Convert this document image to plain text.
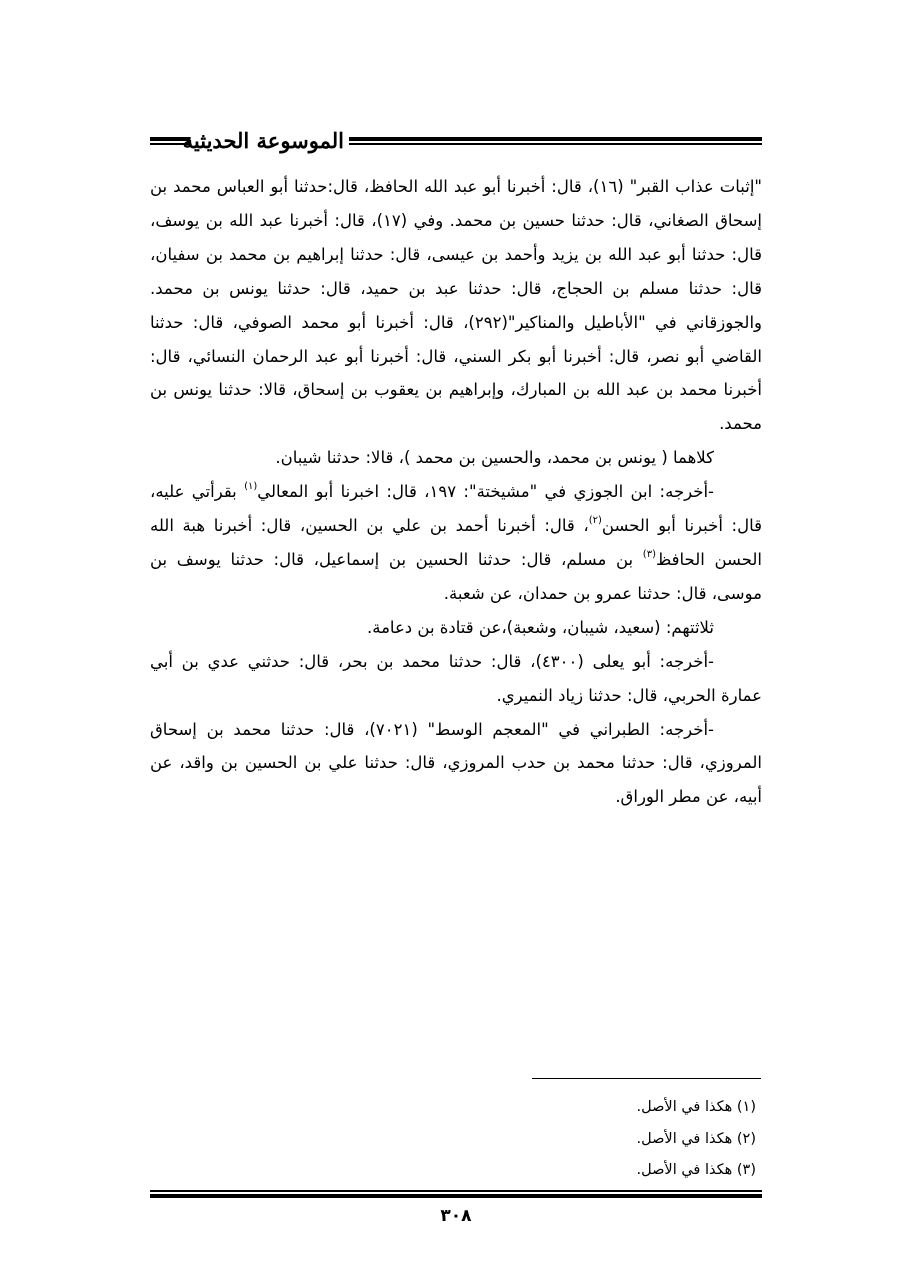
الموسوعة الحديثية

"إثبات عذاب القبر" (١٦)، قال: أخبرنا أبو عبد الله الحافظ، قال:حدثنا أبو العباس محمد بن إسحاق الصغاني، قال: حدثنا حسين بن محمد. وفي (١٧)، قال: أخبرنا عبد الله بن يوسف، قال: حدثنا أبو عبد الله بن يزيد وأحمد بن عيسى، قال: حدثنا إبراهيم بن محمد بن سفيان، قال: حدثنا مسلم بن الحجاج، قال: حدثنا عبد بن حميد، قال: حدثنا يونس بن محمد. والجوزقاني في "الأباطيل والمناكير"(٢٩٢)، قال: أخبرنا أبو محمد الصوفي، قال: حدثنا القاضي أبو نصر، قال: أخبرنا أبو بكر السني، قال: أخبرنا أبو عبد الرحمان النسائي، قال: أخبرنا محمد بن عبد الله بن المبارك، وإبراهيم بن يعقوب بن إسحاق، قالا: حدثنا يونس بن محمد.

كلاهما ( يونس بن محمد، والحسين بن محمد )، قالا: حدثنا شيبان.

-أخرجه: ابن الجوزي في "مشيختة": ١٩٧، قال: اخبرنا أبو المعالي$^{(١)}$ بقرأتي عليه، قال: أخبرنا أبو الحسن$^{(٢)}$، قال: أخبرنا أحمد بن علي بن الحسين، قال: أخبرنا هبة الله الحسن الحافظ$^{(٣)}$ بن مسلم، قال: حدثنا الحسين بن إسماعيل، قال: حدثنا يوسف بن موسى، قال: حدثنا عمرو بن حمدان، عن شعبة.

ثلاثتهم: (سعيد، شيبان، وشعبة)،عن قتادة بن دعامة.

-أخرجه: أبو يعلى (٤٣٠٠)، قال: حدثنا محمد بن بحر، قال: حدثني عدي بن أبي عمارة الحربي، قال: حدثنا زياد النميري.

-أخرجه: الطبراني في "المعجم الوسط" (٧٠٢١)، قال: حدثنا محمد بن إسحاق المروزي، قال: حدثنا محمد بن حدب المروزي، قال: حدثنا علي بن الحسين بن واقد، عن أبيه، عن مطر الوراق.

(١) هكذا في الأصل.
(٢) هكذا في الأصل.
(٣) هكذا في الأصل.
٣٠٨
